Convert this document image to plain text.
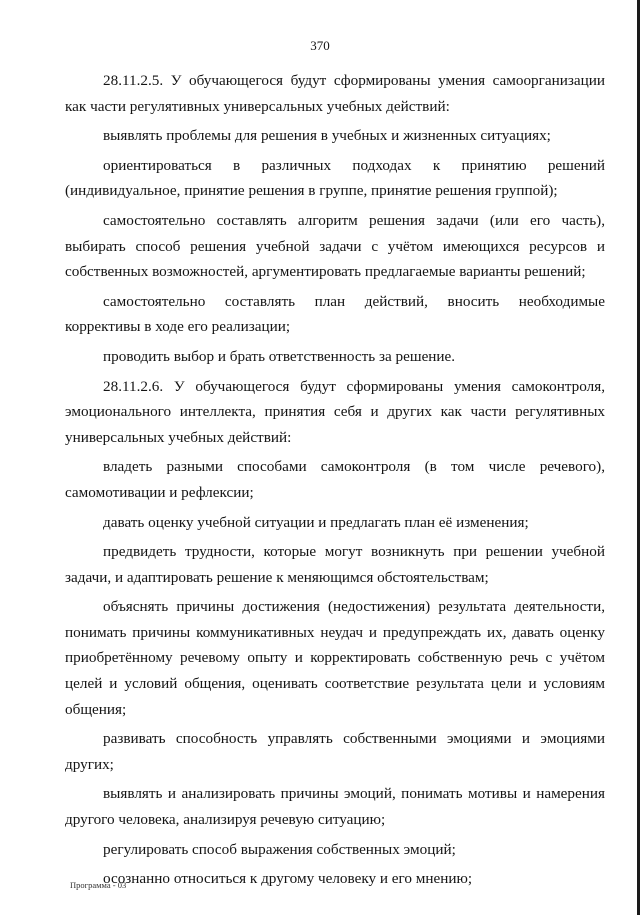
370

28.11.2.5. У обучающегося будут сформированы умения самоорганизации как части регулятивных универсальных учебных действий:

выявлять проблемы для решения в учебных и жизненных ситуациях;

ориентироваться в различных подходах к принятию решений (индивидуальное, принятие решения в группе, принятие решения группой);

самостоятельно составлять алгоритм решения задачи (или его часть), выбирать способ решения учебной задачи с учётом имеющихся ресурсов и собственных возможностей, аргументировать предлагаемые варианты решений;

самостоятельно составлять план действий, вносить необходимые коррективы в ходе его реализации;

проводить выбор и брать ответственность за решение.

28.11.2.6. У обучающегося будут сформированы умения самоконтроля, эмоционального интеллекта, принятия себя и других как части регулятивных универсальных учебных действий:

владеть разными способами самоконтроля (в том числе речевого), самомотивации и рефлексии;

давать оценку учебной ситуации и предлагать план её изменения;

предвидеть трудности, которые могут возникнуть при решении учебной задачи, и адаптировать решение к меняющимся обстоятельствам;

объяснять причины достижения (недостижения) результата деятельности, понимать причины коммуникативных неудач и предупреждать их, давать оценку приобретённому речевому опыту и корректировать собственную речь с учётом целей и условий общения, оценивать соответствие результата цели и условиям общения;

развивать способность управлять собственными эмоциями и эмоциями других;

выявлять и анализировать причины эмоций, понимать мотивы и намерения другого человека, анализируя речевую ситуацию;

регулировать способ выражения собственных эмоций;

осознанно относиться к другому человеку и его мнению;

Программа - 03
